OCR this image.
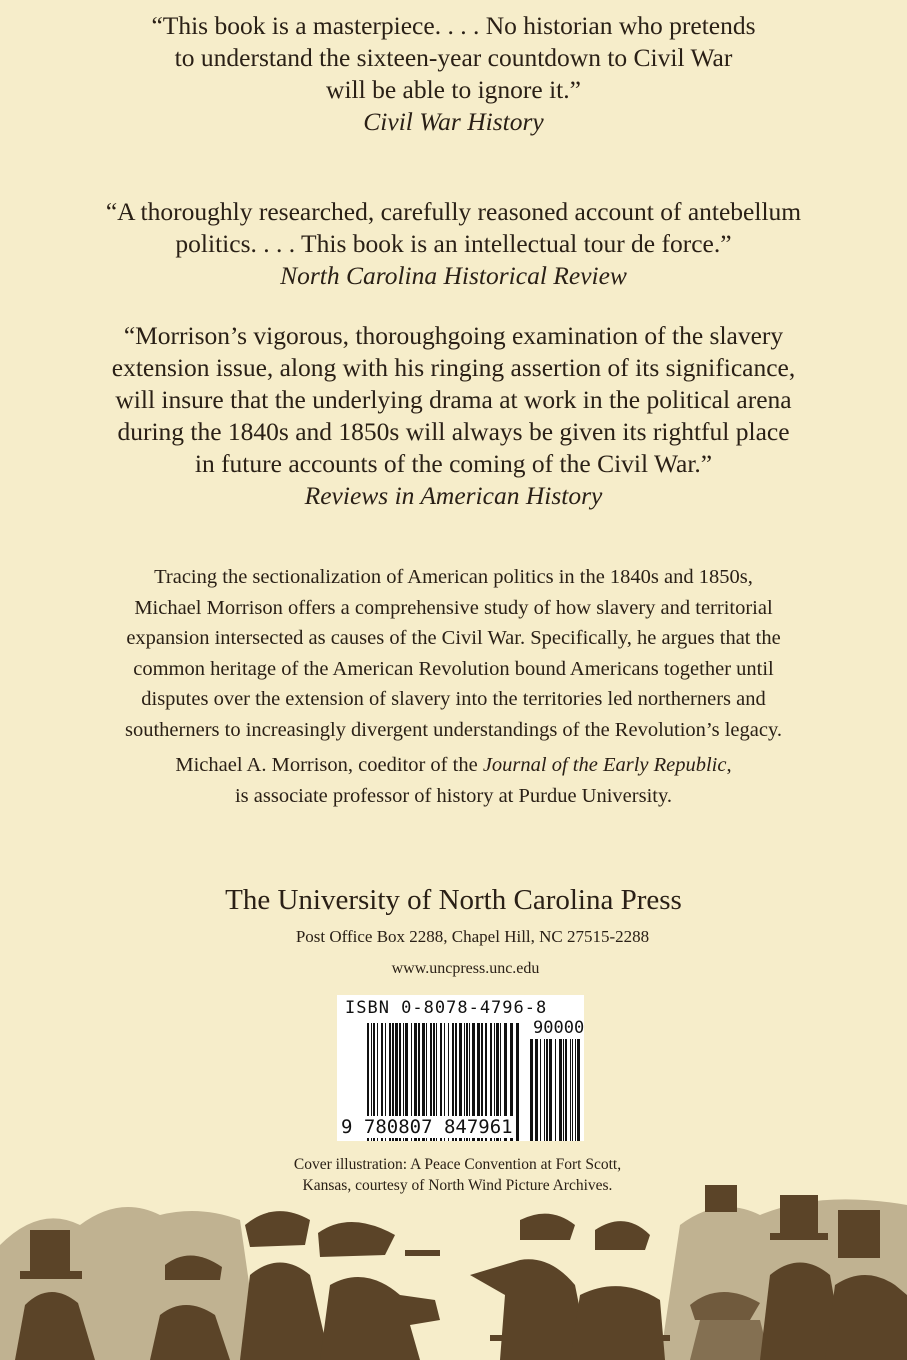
“This book is a masterpiece. . . . No historian who pretends
to understand the sixteen-year countdown to Civil War
will be able to ignore it.”
Civil War History
“A thoroughly researched, carefully reasoned account of antebellum
politics. . . . This book is an intellectual tour de force.”
North Carolina Historical Review
“Morrison’s vigorous, thoroughgoing examination of the slavery
extension issue, along with his ringing assertion of its significance,
will insure that the underlying drama at work in the political arena
during the 1840s and 1850s will always be given its rightful place
in future accounts of the coming of the Civil War.”
Reviews in American History
Tracing the sectionalization of American politics in the 1840s and 1850s,
Michael Morrison offers a comprehensive study of how slavery and territorial
expansion intersected as causes of the Civil War. Specifically, he argues that the
common heritage of the American Revolution bound Americans together until
disputes over the extension of slavery into the territories led northerners and
southerners to increasingly divergent understandings of the Revolution’s legacy.
Michael A. Morrison, coeditor of the Journal of the Early Republic,
is associate professor of history at Purdue University.
The University of North Carolina Press
Post Office Box 2288, Chapel Hill, NC 27515-2288
www.uncpress.unc.edu
ISBN 0-8078-4796-8
90000
9 780807 847961
Cover illustration: A Peace Convention at Fort Scott,
Kansas, courtesy of North Wind Picture Archives.
